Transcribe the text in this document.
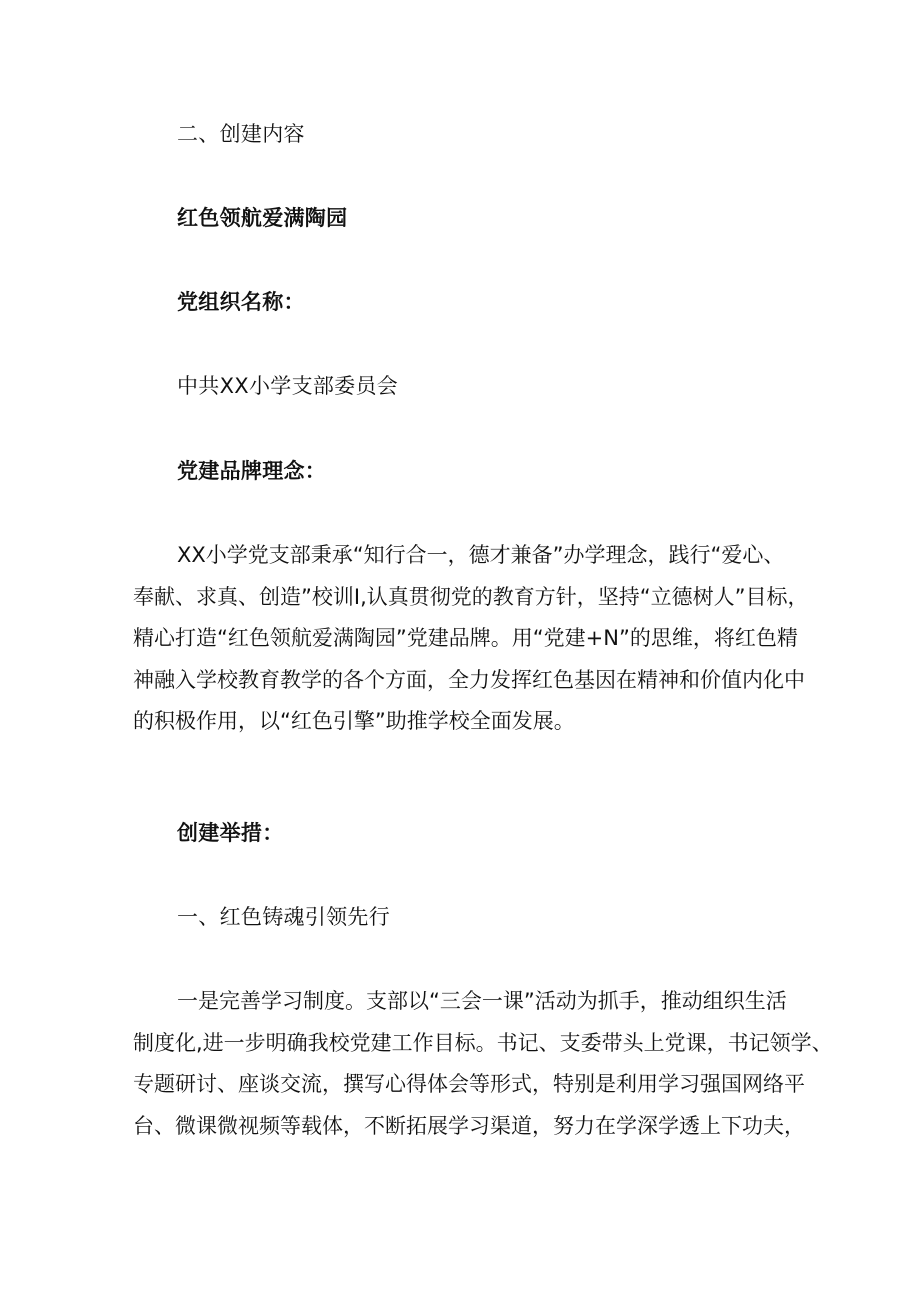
二、创建内容
红色领航爱满陶园
党组织名称：
中共XX小学支部委员会
党建品牌理念：
XX小学党支部秉承“知行合一，德才兼备”办学理念，践行“爱心、
奉献、求真、创造”校训I,认真贯彻党的教育方针，坚持“立德树人”目标，
精心打造“红色领航爱满陶园”党建品牌。用“党建+N”的思维，将红色精
神融入学校教育教学的各个方面，全力发挥红色基因在精神和价值内化中
的积极作用，以“红色引擎”助推学校全面发展。
创建举措：
一、红色铸魂引领先行
一是完善学习制度。支部以“三会一课”活动为抓手，推动组织生活
制度化,进一步明确我校党建工作目标。书记、支委带头上党课，书记领学、
专题研讨、座谈交流，撰写心得体会等形式，特别是利用学习强国网络平
台、微课微视频等载体，不断拓展学习渠道，努力在学深学透上下功夫，
